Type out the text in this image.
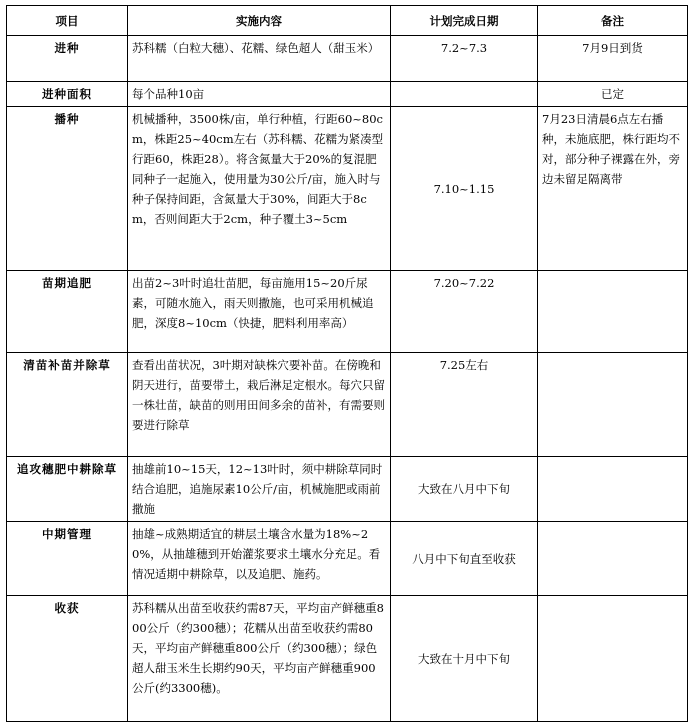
项目	实施内容	计划完成日期	备注
进种	苏科糯（白粒大穗）、花糯、绿色超人（甜玉米）	7.2~7.3	7月9日到货
进种面积	每个品种10亩		已定
播种	机械播种，3500株/亩，单行种植，行距60~80cm，株距25~40cm左右（苏科糯、花糯为紧凑型行距60，株距28）。将含氮量大于20%的复混肥同种子一起施入，使用量为30公斤/亩，施入时与种子保持间距，含氮量大于30%，间距大于8cm，否则间距大于2cm，种子覆土3~5cm	7.10~1.15	7月23日清晨6点左右播种，未施底肥，株行距均不对，部分种子裸露在外，旁边未留足隔离带
苗期追肥	出苗2~3叶时追壮苗肥，每亩施用15~20斤尿素，可随水施入，雨天则撒施，也可采用机械追肥，深度8~10cm（快捷，肥料利用率高）	7.20~7.22	
清苗补苗并除草	查看出苗状况，3叶期对缺株穴要补苗。在傍晚和阴天进行，苗要带土，栽后淋足定根水。每穴只留一株壮苗，缺苗的则用田间多余的苗补，有需要则要进行除草	7.25左右	
追攻穗肥中耕除草	抽雄前10~15天，12~13叶时，须中耕除草同时结合追肥，追施尿素10公斤/亩，机械施肥或雨前撒施	大致在八月中下旬	
中期管理	抽雄~成熟期适宜的耕层土壤含水量为18%~20%，从抽雄穗到开始灌浆要求土壤水分充足。看情况适期中耕除草，以及追肥、施药。	八月中下旬直至收获	
收获	苏科糯从出苗至收获约需87天，平均亩产鲜穗重800公斤（约300穗）；花糯从出苗至收获约需80天，平均亩产鲜穗重800公斤（约300穗）；绿色超人甜玉米生长期约90天，平均亩产鲜穗重900公斤(约3300穗)。	大致在十月中下旬	
